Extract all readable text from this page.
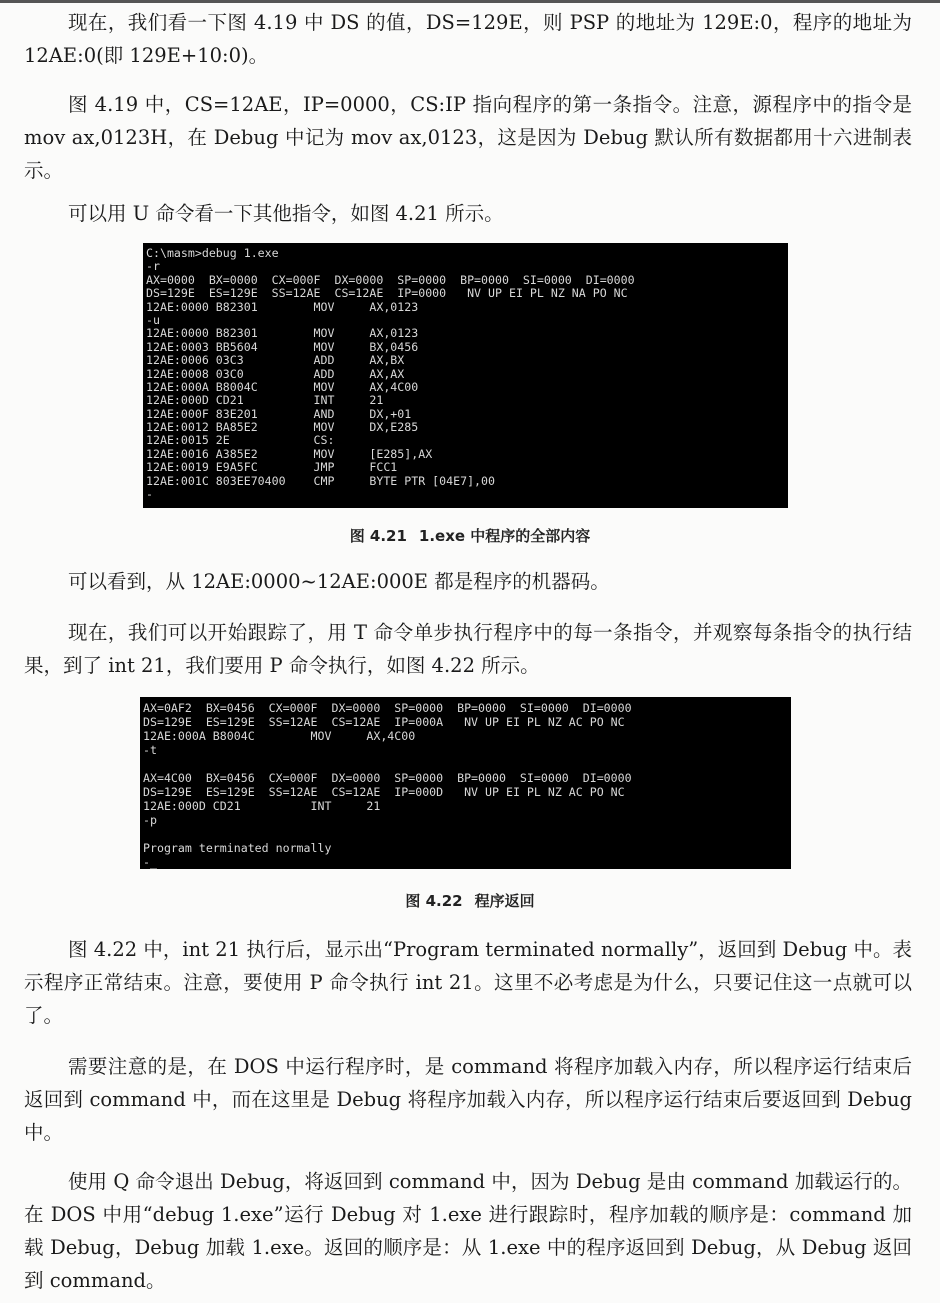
现在，我们看一下图 4.19 中 DS 的值，DS=129E，则 PSP 的地址为 129E:0，程序的地址为 12AE:0(即 129E+10:0)。

图 4.19 中，CS=12AE，IP=0000，CS:IP 指向程序的第一条指令。注意，源程序中的指令是 mov ax,0123H，在 Debug 中记为 mov ax,0123，这是因为 Debug 默认所有数据都用十六进制表示。

可以用 U 命令看一下其他指令，如图 4.21 所示。

C:\masm>debug 1.exe
-r
AX=0000  BX=0000  CX=000F  DX=0000  SP=0000  BP=0000  SI=0000  DI=0000
DS=129E  ES=129E  SS=12AE  CS=12AE  IP=0000   NV UP EI PL NZ NA PO NC
12AE:0000 B82301        MOV     AX,0123
-u
12AE:0000 B82301        MOV     AX,0123
12AE:0003 BB5604        MOV     BX,0456
12AE:0006 03C3          ADD     AX,BX
12AE:0008 03C0          ADD     AX,AX
12AE:000A B8004C        MOV     AX,4C00
12AE:000D CD21          INT     21
12AE:000F 83E201        AND     DX,+01
12AE:0012 BA85E2        MOV     DX,E285
12AE:0015 2E            CS:
12AE:0016 A385E2        MOV     [E285],AX
12AE:0019 E9A5FC        JMP     FCC1
12AE:001C 803EE70400    CMP     BYTE PTR [04E7],00
-
图 4.21 1.exe 中程序的全部内容

可以看到，从 12AE:0000~12AE:000E 都是程序的机器码。

现在，我们可以开始跟踪了，用 T 命令单步执行程序中的每一条指令，并观察每条指令的执行结果，到了 int 21，我们要用 P 命令执行，如图 4.22 所示。

AX=0AF2  BX=0456  CX=000F  DX=0000  SP=0000  BP=0000  SI=0000  DI=0000
DS=129E  ES=129E  SS=12AE  CS=12AE  IP=000A   NV UP EI PL NZ AC PO NC
12AE:000A B8004C        MOV     AX,4C00
-t
AX=4C00  BX=0456  CX=000F  DX=0000  SP=0000  BP=0000  SI=0000  DI=0000
DS=129E  ES=129E  SS=12AE  CS=12AE  IP=000D   NV UP EI PL NZ AC PO NC
12AE:000D CD21          INT     21
-p
Program terminated normally
-_
图 4.22 程序返回

图 4.22 中，int 21 执行后，显示出“Program terminated normally”，返回到 Debug 中。表示程序正常结束。注意，要使用 P 命令执行 int 21。这里不必考虑是为什么，只要记住这一点就可以了。

需要注意的是，在 DOS 中运行程序时，是 command 将程序加载入内存，所以程序运行结束后返回到 command 中，而在这里是 Debug 将程序加载入内存，所以程序运行结束后要返回到 Debug 中。

使用 Q 命令退出 Debug，将返回到 command 中，因为 Debug 是由 command 加载运行的。在 DOS 中用“debug 1.exe”运行 Debug 对 1.exe 进行跟踪时，程序加载的顺序是：command 加载 Debug，Debug 加载 1.exe。返回的顺序是：从 1.exe 中的程序返回到 Debug，从 Debug 返回到 command。
